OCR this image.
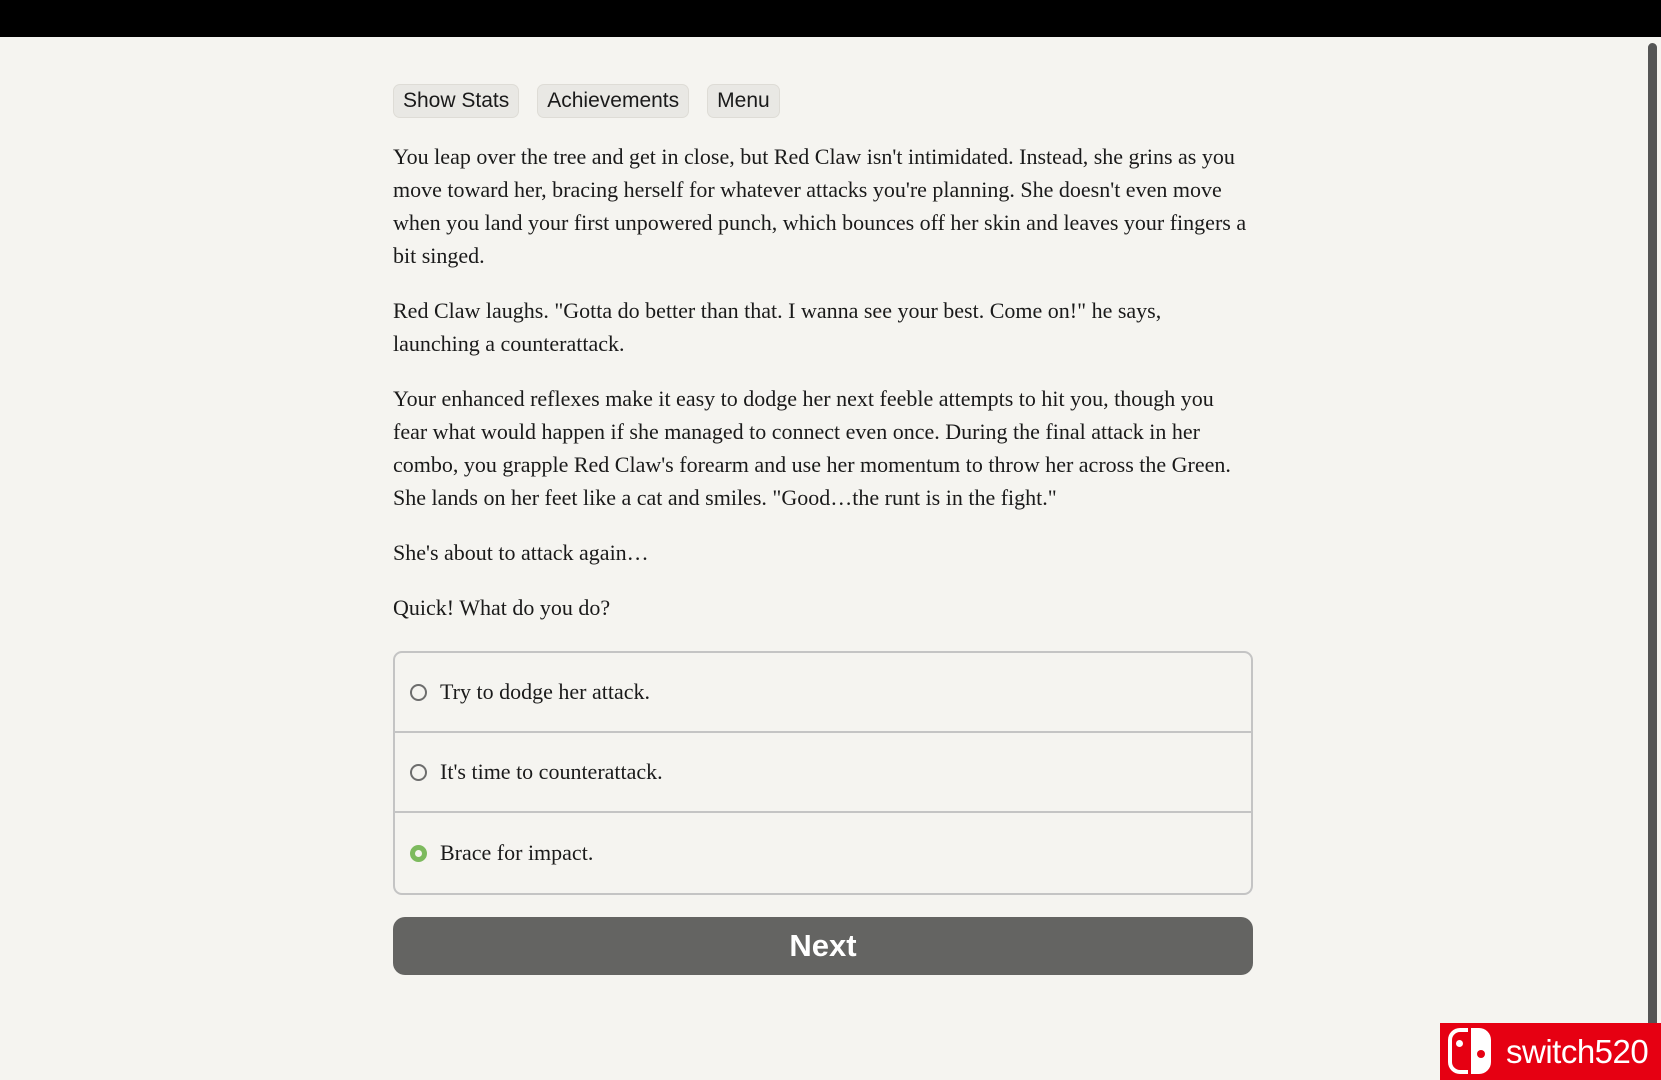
Show Stats	Achievements	Menu

You leap over the tree and get in close, but Red Claw isn't intimidated. Instead, she grins as you move toward her, bracing herself for whatever attacks you're planning. She doesn't even move when you land your first unpowered punch, which bounces off her skin and leaves your fingers a bit singed.

Red Claw laughs. "Gotta do better than that. I wanna see your best. Come on!" he says, launching a counterattack.

Your enhanced reflexes make it easy to dodge her next feeble attempts to hit you, though you fear what would happen if she managed to connect even once. During the final attack in her combo, you grapple Red Claw's forearm and use her momentum to throw her across the Green. She lands on her feet like a cat and smiles. "Good…the runt is in the fight."

She's about to attack again…

Quick! What do you do?

Try to dodge her attack.
It's time to counterattack.
Brace for impact.
Next
switch520
